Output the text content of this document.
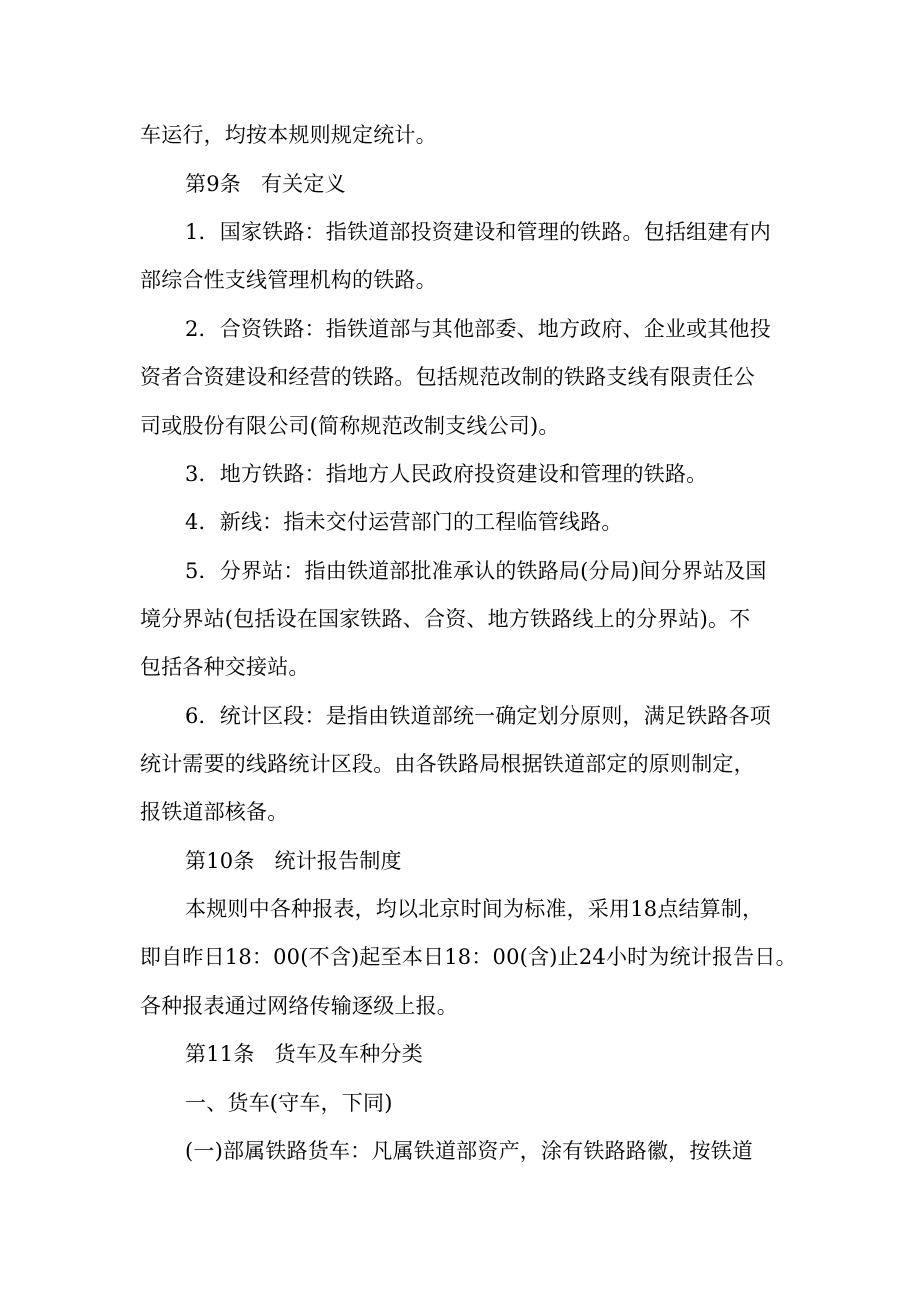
车运行，均按本规则规定统计。

第9条 有关定义

1．国家铁路：指铁道部投资建设和管理的铁路。包括组建有内

部综合性支线管理机构的铁路。

2．合资铁路：指铁道部与其他部委、地方政府、企业或其他投

资者合资建设和经营的铁路。包括规范改制的铁路支线有限责任公

司或股份有限公司(简称规范改制支线公司)。

3．地方铁路：指地方人民政府投资建设和管理的铁路。

4．新线：指未交付运营部门的工程临管线路。

5．分界站：指由铁道部批准承认的铁路局(分局)间分界站及国

境分界站(包括设在国家铁路、合资、地方铁路线上的分界站)。不

包括各种交接站。

6．统计区段：是指由铁道部统一确定划分原则，满足铁路各项

统计需要的线路统计区段。由各铁路局根据铁道部定的原则制定，

报铁道部核备。

第10条 统计报告制度

本规则中各种报表，均以北京时间为标准，采用18点结算制，

即自昨日18：00(不含)起至本日18：00(含)止24小时为统计报告日。

各种报表通过网络传输逐级上报。

第11条 货车及车种分类

一、货车(守车，下同)

(一)部属铁路货车：凡属铁道部资产，涂有铁路路徽，按铁道
